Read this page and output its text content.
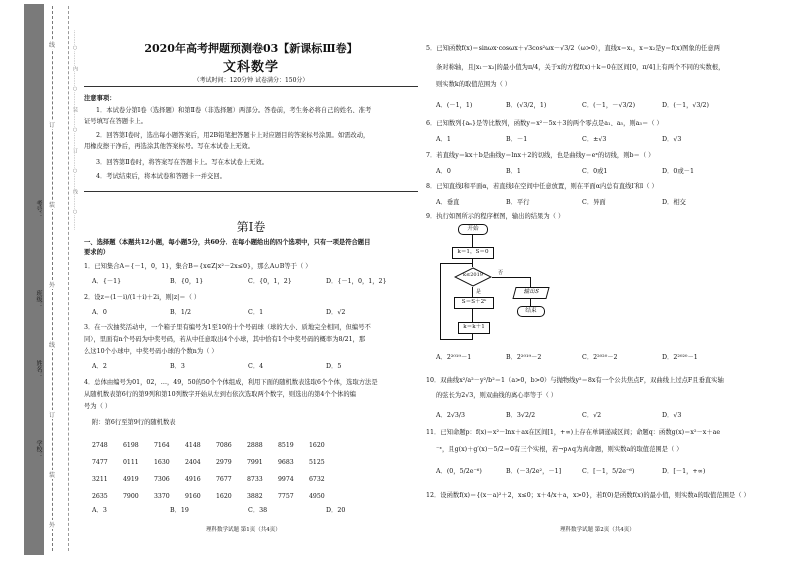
线
订
装
外
线
订
装
外
考号：
班级：
姓名：
学校：
………○………内………○………装………○………订………○………线………○………	2020年高考押题预测卷03【新课标Ⅲ卷】
文科数学
（考试时间：120分钟 试卷满分：150分）
注意事项：
1．本试卷分第Ⅰ卷（选择题）和第Ⅱ卷（非选择题）两部分。答卷前，考生务必将自己的姓名、准考
证号填写在答题卡上。
2．回答第Ⅰ卷时，选出每小题答案后，用2B铅笔把答题卡上对应题目的答案标号涂黑。如需改动，
用橡皮擦干净后，再选涂其他答案标号。写在本试卷上无效。
3．回答第Ⅱ卷时，将答案写在答题卡上。写在本试卷上无效。
4．考试结束后，将本试卷和答题卡一并交回。
第Ⅰ卷
一、选择题（本题共12小题，每小题5分，共60分．在每小题给出的四个选项中，只有一项是符合题目
要求的）
1．已知集合A＝{－1，0，1}，集合B＝{x∈Z|x²－2x≤0}，那么A∪B等于（ ）
A．{－1}	B．{0，1}	C．{0，1，2}	D．{－1，0，1，2}
2．设z＝(1－i)/(1＋i)＋2i，则|z|＝（ ）
A．0	B．1/2	C．1	D．√2
3．在一次抽奖活动中，一个箱子里有编号为1至10的十个号码球（球的大小、质地完全相同，但编号不
同），里面有n个号码为中奖号码，若从中任意取出4个小球，其中恰有1个中奖号码的概率为8/21，那
么这10个小球中，中奖号码小球的个数n为（ ）
A．2	B．3	C．4	D．5
4．总体由编号为01，02，…，49，50的50个个体组成，利用下面的随机数表选取6个个体，选取方法是
从随机数表第6行的第9列和第10列数字开始从左到右依次选取两个数字，则选出的第4个个体的编
号为（ ）
附：第6行至第9行的随机数表
2748 6198 7164 4148 7086 2888 8519 1620
7477 0111 1630 2404 2979 7991 9683 5125
3211 4919 7306 4916 7677 8733 9974 6732
2635 7900 3370 9160 1620 3882 7757 4950
A．3	B．19	C．38	D．20
理科数学试题 第1页（共4页）
5．已知函数f(x)＝sinωx·cosωx＋√3cos²ωx－√3/2（ω>0），直线x＝x₁，x＝x₂是y＝f(x)图象的任意两
条对称轴，且|x₁－x₂|的最小值为π/4，关于x的方程f(x)＋k＝0在区间[0，π/4]上有两个不同的实数根，
则实数k的取值范围为（ ）
A．(－1，1)	B．(√3/2，1)	C．(－1，－√3/2)	D．(－1，√3/2)
6．已知数列{aₙ}是等比数列，函数y＝x²－5x＋3的两个零点是a₁、a₅，则a₃＝（ ）
A．1	B．－1	C．±√3	D．√3
7．若直线y＝kx＋b是曲线y＝lnx＋2的切线，也是曲线y＝eˣ的切线，则b＝（ ）
A．0	B．1	C．0或1	D．0或－1
8．已知直线l和平面α，若直线l在空间中任意放置，则在平面α内总有直线l′和l（ ）
A．垂直	B．平行	C．异面	D．相交
9．执行如图所示的程序框图，输出的结果为（ ）
开始
k＝1，S＝0
k≤2019	否
输出S
结束
是
S＝S＋2ᵏ
k＝k＋1
A．2²⁰¹⁹－1	B．2²⁰¹⁹－2	C．2²⁰²⁰－2	D．2²⁰²⁰－1
10．双曲线x²/a²－y²/b²＝1（a>0，b>0）与抛物线y²＝8x有一个公共焦点F，双曲线上过点F且垂直实轴
的弦长为2√3，则双曲线的离心率等于（ ）
A．2√3/3	B．3√2/2	C．√2	D．√3
11．已知命题p：f(x)＝x²－lnx＋ax在区间[1，+∞)上存在单调递减区间；命题q：函数g(x)＝x²－x＋ae
⁻ˣ，且g(x)＋g′(x)－5/2＝0有三个实根，若¬p∧q为真命题，则实数a的取值范围是（ ）
A．(0，5/2e⁻⁶)	B．(－3/2e²，－1]	C．[－1，5/2e⁻⁶)	D．[－1，+∞)
12．设函数f(x)＝{(x－a)²＋2，x≤0；x＋4/x＋a，x>0}，若f(0)是函数f(x)的最小值，则实数a的取值范围是（ ）
理科数学试题 第2页（共4页）
